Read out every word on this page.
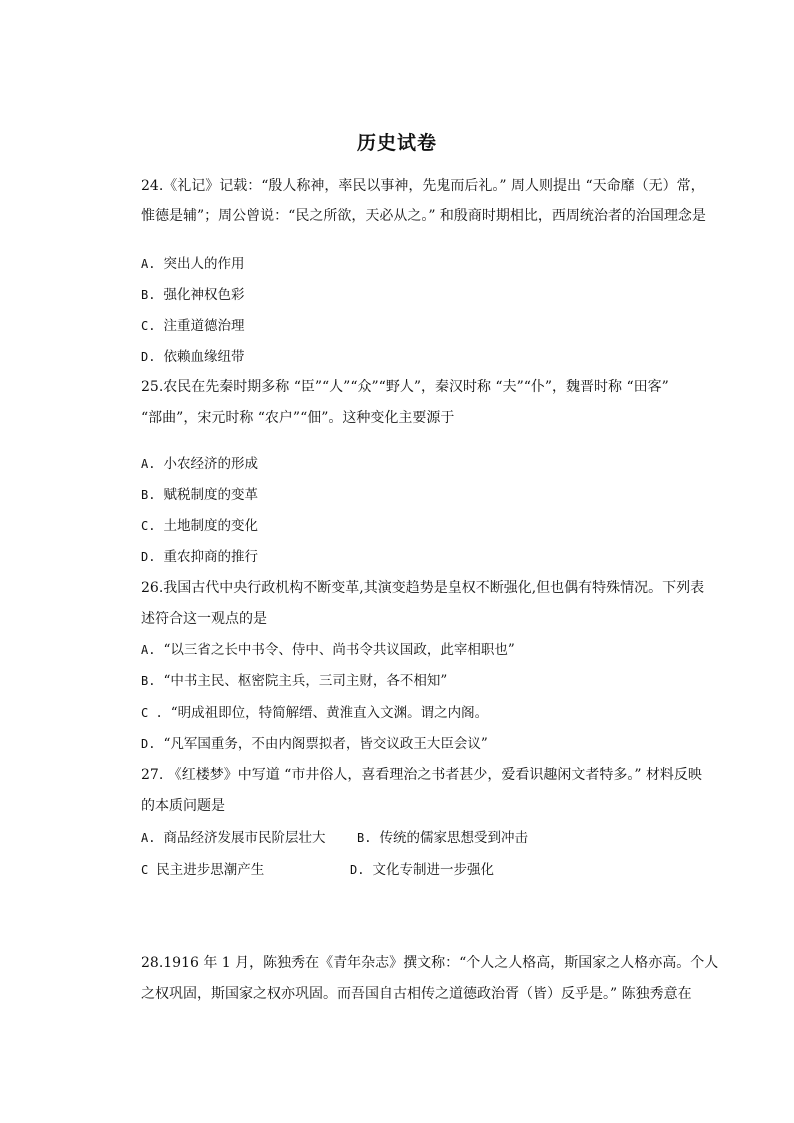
历史试卷
24.《礼记》记载：“殷人称神，率民以事神，先鬼而后礼。” 周人则提出 “天命靡（无）常，
惟德是辅”；周公曾说：“民之所欲，天必从之。” 和殷商时期相比，西周统治者的治国理念是
A. 突出人的作用
B. 强化神权色彩
C. 注重道德治理
D. 依赖血缘纽带
25.农民在先秦时期多称 “臣”“人”“众”“野人”，秦汉时称 “夫”“仆”，魏晋时称 “田客”
“部曲”，宋元时称 “农户”“佃”。这种变化主要源于
A. 小农经济的形成
B. 赋税制度的变革
C. 土地制度的变化
D. 重农抑商的推行
26.我国古代中央行政机构不断变革,其演变趋势是皇权不断强化,但也偶有特殊情况。下列表
述符合这一观点的是
A. “以三省之长中书令、侍中、尚书令共议国政，此宰相职也”
B. “中书主民、枢密院主兵，三司主财，各不相知”
C . “明成祖即位，特简解缙、黄淮直入文渊。谓之内阁。
D. “凡军国重务，不由内阁票拟者，皆交议政王大臣会议”
27. 《红楼梦》中写道 “市井俗人，喜看理治之书者甚少，爱看识趣闲文者特多。” 材料反映
的本质问题是
A. 商品经济发展市民阶层壮大	B. 传统的儒家思想受到冲击
C 民主进步思潮产生	D. 文化专制进一步强化
28.1916 年 1 月，陈独秀在《青年杂志》撰文称：“个人之人格高，斯国家之人格亦高。个人
之权巩固，斯国家之权亦巩固。而吾国自古相传之道德政治胥（皆）反乎是。” 陈独秀意在
